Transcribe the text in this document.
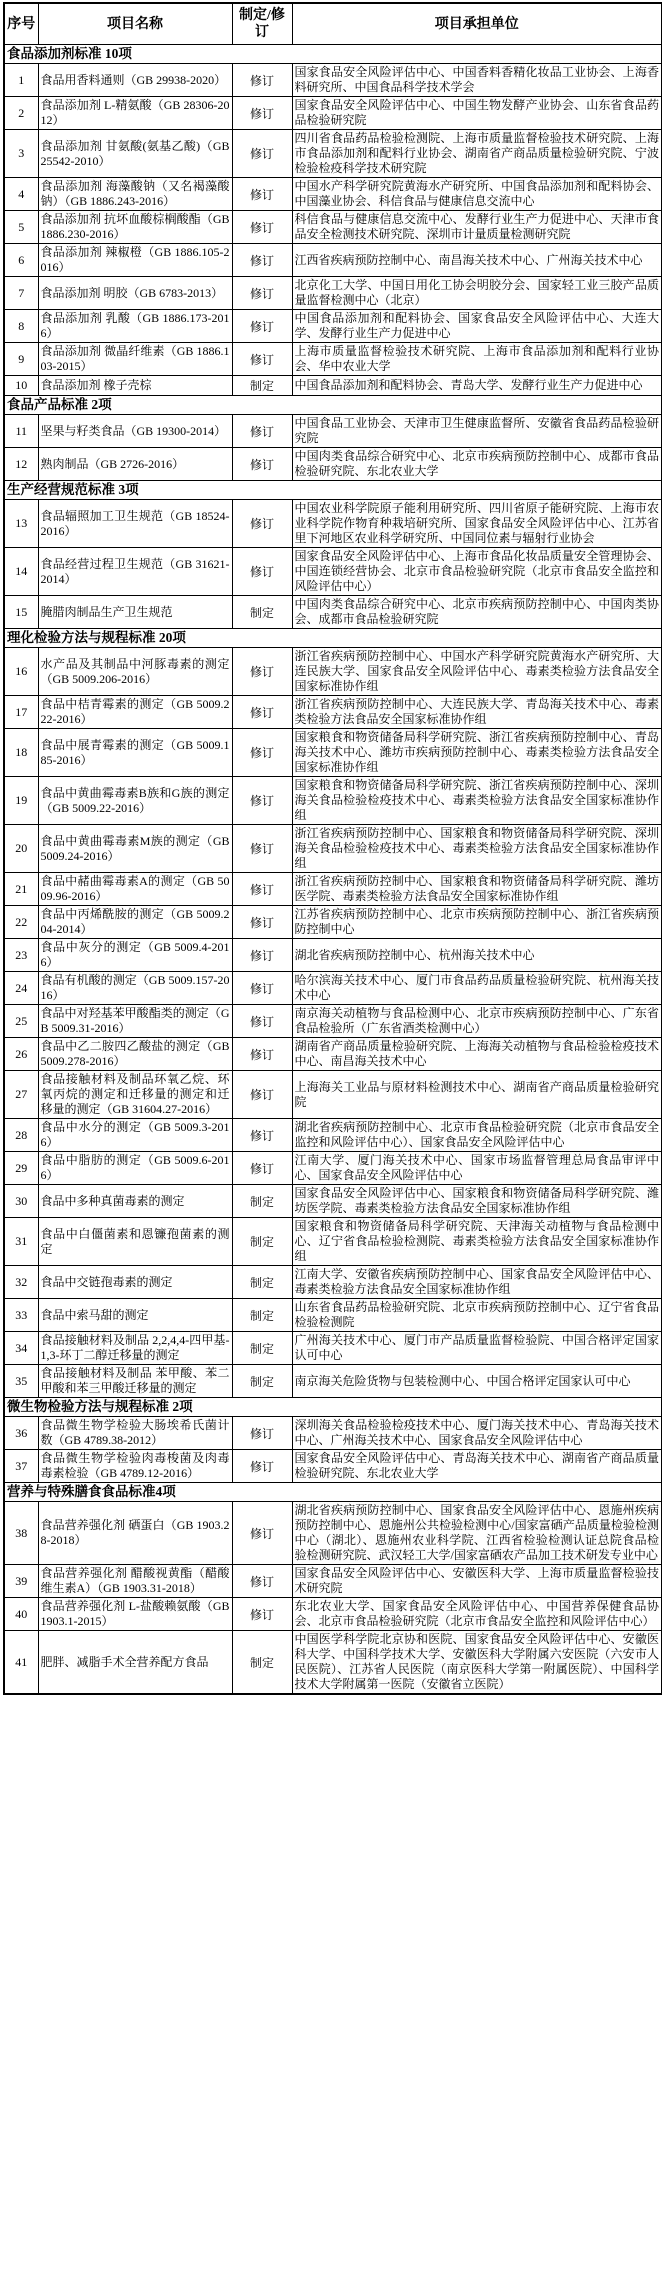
序号	项目名称	制定/修订	项目承担单位
食品添加剂标准 10项			
1	食品用香料通则（GB 29938-2020）	修订	国家食品安全风险评估中心、中国香料香精化妆品工业协会、上海香料研究所、中国食品科学技术学会
2	食品添加剂 L-精氨酸（GB 28306-2012）	修订	国家食品安全风险评估中心、中国生物发酵产业协会、山东省食品药品检验研究院
3	食品添加剂 甘氨酸(氨基乙酸)（GB 25542-2010）	修订	四川省食品药品检验检测院、上海市质量监督检验技术研究院、上海市食品添加剂和配料行业协会、湖南省产商品质量检验研究院、宁波检验检疫科学技术研究院
4	食品添加剂 海藻酸钠（又名褐藻酸钠）（GB 1886.243-2016）	修订	中国水产科学研究院黄海水产研究所、中国食品添加剂和配料协会、中国藻业协会、科信食品与健康信息交流中心
5	食品添加剂 抗坏血酸棕榈酸酯（GB 1886.230-2016）	修订	科信食品与健康信息交流中心、发酵行业生产力促进中心、天津市食品安全检测技术研究院、深圳市计量质量检测研究院
6	食品添加剂 辣椒橙（GB 1886.105-2016）	修订	江西省疾病预防控制中心、南昌海关技术中心、广州海关技术中心
7	食品添加剂 明胶（GB 6783-2013）	修订	北京化工大学、中国日用化工协会明胶分会、国家轻工业三胶产品质量监督检测中心（北京）
8	食品添加剂 乳酸（GB 1886.173-2016）	修订	中国食品添加剂和配料协会、国家食品安全风险评估中心、大连大学、发酵行业生产力促进中心
9	食品添加剂 微晶纤维素（GB 1886.103-2015）	修订	上海市质量监督检验技术研究院、上海市食品添加剂和配料行业协会、华中农业大学
10	食品添加剂 橡子壳棕	制定	中国食品添加剂和配料协会、青岛大学、发酵行业生产力促进中心
食品产品标准 2项			
11	坚果与籽类食品（GB 19300-2014）	修订	中国食品工业协会、天津市卫生健康监督所、安徽省食品药品检验研究院
12	熟肉制品（GB 2726-2016）	修订	中国肉类食品综合研究中心、北京市疾病预防控制中心、成都市食品检验研究院、东北农业大学
生产经营规范标准 3项			
13	食品辐照加工卫生规范（GB 18524-2016）	修订	中国农业科学院原子能利用研究所、四川省原子能研究院、上海市农业科学院作物育种栽培研究所、国家食品安全风险评估中心、江苏省里下河地区农业科学研究所、中国同位素与辐射行业协会
14	食品经营过程卫生规范（GB 31621-2014）	修订	国家食品安全风险评估中心、上海市食品化妆品质量安全管理协会、中国连锁经营协会、北京市食品检验研究院（北京市食品安全监控和风险评估中心）
15	腌腊肉制品生产卫生规范	制定	中国肉类食品综合研究中心、北京市疾病预防控制中心、中国肉类协会、成都市食品检验研究院
理化检验方法与规程标准 20项			
16	水产品及其制品中河豚毒素的测定（GB 5009.206-2016）	修订	浙江省疾病预防控制中心、中国水产科学研究院黄海水产研究所、大连民族大学、国家食品安全风险评估中心、毒素类检验方法食品安全国家标准协作组
17	食品中桔青霉素的测定（GB 5009.222-2016）	修订	浙江省疾病预防控制中心、大连民族大学、青岛海关技术中心、毒素类检验方法食品安全国家标准协作组
18	食品中展青霉素的测定（GB 5009.185-2016）	修订	国家粮食和物资储备局科学研究院、浙江省疾病预防控制中心、青岛海关技术中心、潍坊市疾病预防控制中心、毒素类检验方法食品安全国家标准协作组
19	食品中黄曲霉毒素B族和G族的测定（GB 5009.22-2016）	修订	国家粮食和物资储备局科学研究院、浙江省疾病预防控制中心、深圳海关食品检验检疫技术中心、毒素类检验方法食品安全国家标准协作组
20	食品中黄曲霉毒素M族的测定（GB 5009.24-2016）	修订	浙江省疾病预防控制中心、国家粮食和物资储备局科学研究院、深圳海关食品检验检疫技术中心、毒素类检验方法食品安全国家标准协作组
21	食品中赭曲霉毒素A的测定（GB 5009.96-2016）	修订	浙江省疾病预防控制中心、国家粮食和物资储备局科学研究院、潍坊医学院、毒素类检验方法食品安全国家标准协作组
22	食品中丙烯酰胺的测定（GB 5009.204-2014）	修订	江苏省疾病预防控制中心、北京市疾病预防控制中心、浙江省疾病预防控制中心
23	食品中灰分的测定（GB 5009.4-2016）	修订	湖北省疾病预防控制中心、杭州海关技术中心
24	食品有机酸的测定（GB 5009.157-2016）	修订	哈尔滨海关技术中心、厦门市食品药品质量检验研究院、杭州海关技术中心
25	食品中对羟基苯甲酸酯类的测定（GB 5009.31-2016）	修订	南京海关动植物与食品检测中心、北京市疾病预防控制中心、广东省食品检验所（广东省酒类检测中心）
26	食品中乙二胺四乙酸盐的测定（GB 5009.278-2016）	修订	湖南省产商品质量检验研究院、上海海关动植物与食品检验检疫技术中心、南昌海关技术中心
27	食品接触材料及制品环氧乙烷、环氧丙烷的测定和迁移量的测定和迁移量的测定（GB 31604.27-2016）	修订	上海海关工业品与原材料检测技术中心、湖南省产商品质量检验研究院
28	食品中水分的测定（GB 5009.3-2016）	修订	湖北省疾病预防控制中心、北京市食品检验研究院（北京市食品安全监控和风险评估中心）、国家食品安全风险评估中心
29	食品中脂肪的测定（GB 5009.6-2016）	修订	江南大学、厦门海关技术中心、国家市场监督管理总局食品审评中心、国家食品安全风险评估中心
30	食品中多种真菌毒素的测定	制定	国家食品安全风险评估中心、国家粮食和物资储备局科学研究院、潍坊医学院、毒素类检验方法食品安全国家标准协作组
31	食品中白僵菌素和恩镰孢菌素的测定	制定	国家粮食和物资储备局科学研究院、天津海关动植物与食品检测中心、辽宁省食品检验检测院、毒素类检验方法食品安全国家标准协作组
32	食品中交链孢毒素的测定	制定	江南大学、安徽省疾病预防控制中心、国家食品安全风险评估中心、毒素类检验方法食品安全国家标准协作组
33	食品中索马甜的测定	制定	山东省食品药品检验研究院、北京市疾病预防控制中心、辽宁省食品检验检测院
34	食品接触材料及制品 2,2,4,4-四甲基-1,3-环丁二醇迁移量的测定	制定	广州海关技术中心、厦门市产品质量监督检验院、中国合格评定国家认可中心
35	食品接触材料及制品 苯甲酸、苯二甲酸和苯三甲酸迁移量的测定	制定	南京海关危险货物与包装检测中心、中国合格评定国家认可中心
微生物检验方法与规程标准 2项			
36	食品微生物学检验大肠埃希氏菌计数（GB 4789.38-2012）	修订	深圳海关食品检验检疫技术中心、厦门海关技术中心、青岛海关技术中心、广州海关技术中心、国家食品安全风险评估中心
37	食品微生物学检验肉毒梭菌及肉毒毒素检验（GB 4789.12-2016）	修订	国家食品安全风险评估中心、青岛海关技术中心、湖南省产商品质量检验研究院、东北农业大学
营养与特殊膳食食品标准4项			
38	食品营养强化剂 硒蛋白（GB 1903.28-2018）	修订	湖北省疾病预防控制中心、国家食品安全风险评估中心、恩施州疾病预防控制中心、恩施州公共检验检测中心/国家富硒产品质量检验检测中心（湖北）、恩施州农业科学院、江西省检验检测认证总院食品检验检测研究院、武汉轻工大学/国家富硒农产品加工技术研发专业中心
39	食品营养强化剂 醋酸视黄酯（醋酸维生素A）（GB 1903.31-2018）	修订	国家食品安全风险评估中心、安徽医科大学、上海市质量监督检验技术研究院
40	食品营养强化剂 L-盐酸赖氨酸（GB 1903.1-2015）	修订	东北农业大学、国家食品安全风险评估中心、中国营养保健食品协会、北京市食品检验研究院（北京市食品安全监控和风险评估中心）
41	肥胖、减脂手术全营养配方食品	制定	中国医学科学院北京协和医院、国家食品安全风险评估中心、安徽医科大学、中国科学技术大学、安徽医科大学附属六安医院（六安市人民医院）、江苏省人民医院（南京医科大学第一附属医院）、中国科学技术大学附属第一医院（安徽省立医院）
